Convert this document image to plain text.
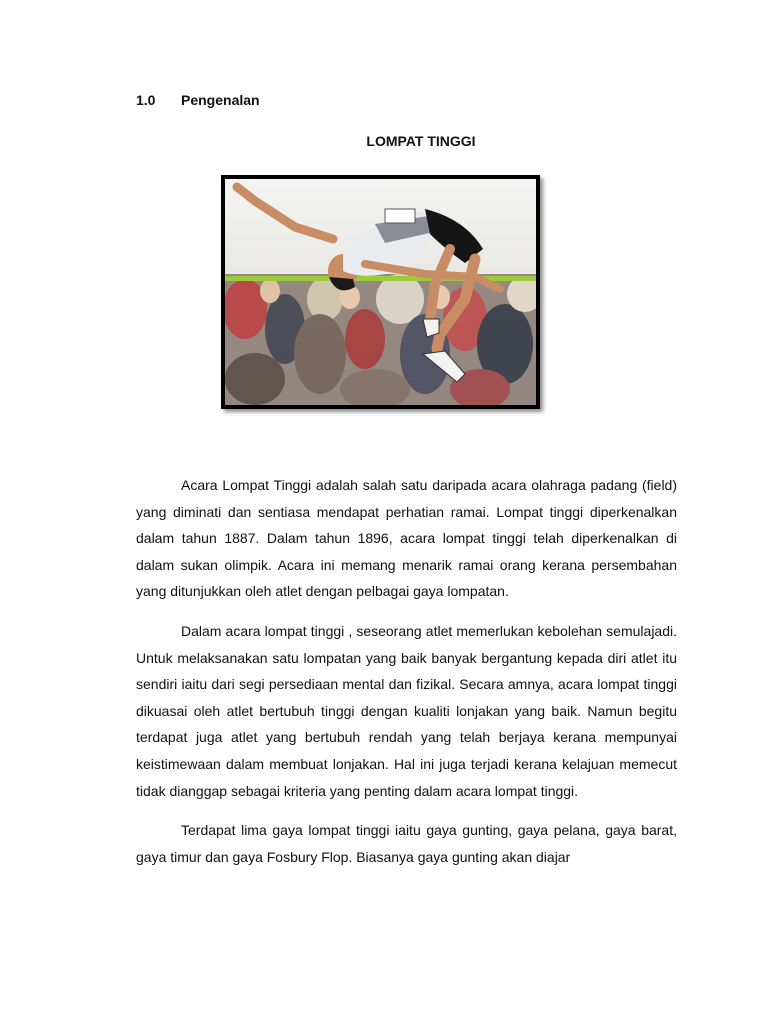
1.0	Pengenalan
LOMPAT TINGGI

Acara Lompat Tinggi adalah salah satu daripada acara olahraga padang (field) yang diminati dan sentiasa mendapat perhatian ramai. Lompat tinggi diperkenalkan dalam tahun 1887. Dalam tahun 1896, acara lompat tinggi telah diperkenalkan di dalam sukan olimpik. Acara ini memang menarik ramai orang kerana persembahan yang ditunjukkan oleh atlet dengan pelbagai gaya lompatan.

Dalam acara lompat tinggi , seseorang atlet memerlukan kebolehan semulajadi. Untuk melaksanakan satu lompatan yang baik banyak bergantung kepada diri atlet itu sendiri iaitu dari segi persediaan mental dan fizikal. Secara amnya, acara lompat tinggi dikuasai oleh atlet bertubuh tinggi dengan kualiti lonjakan yang baik. Namun begitu terdapat juga atlet yang bertubuh rendah yang telah berjaya kerana mempunyai keistimewaan dalam membuat lonjakan. Hal ini juga terjadi kerana kelajuan memecut tidak dianggap sebagai kriteria yang penting dalam acara lompat tinggi.

Terdapat lima gaya lompat tinggi iaitu gaya gunting, gaya pelana, gaya barat, gaya timur dan gaya Fosbury Flop. Biasanya gaya gunting akan diajar
